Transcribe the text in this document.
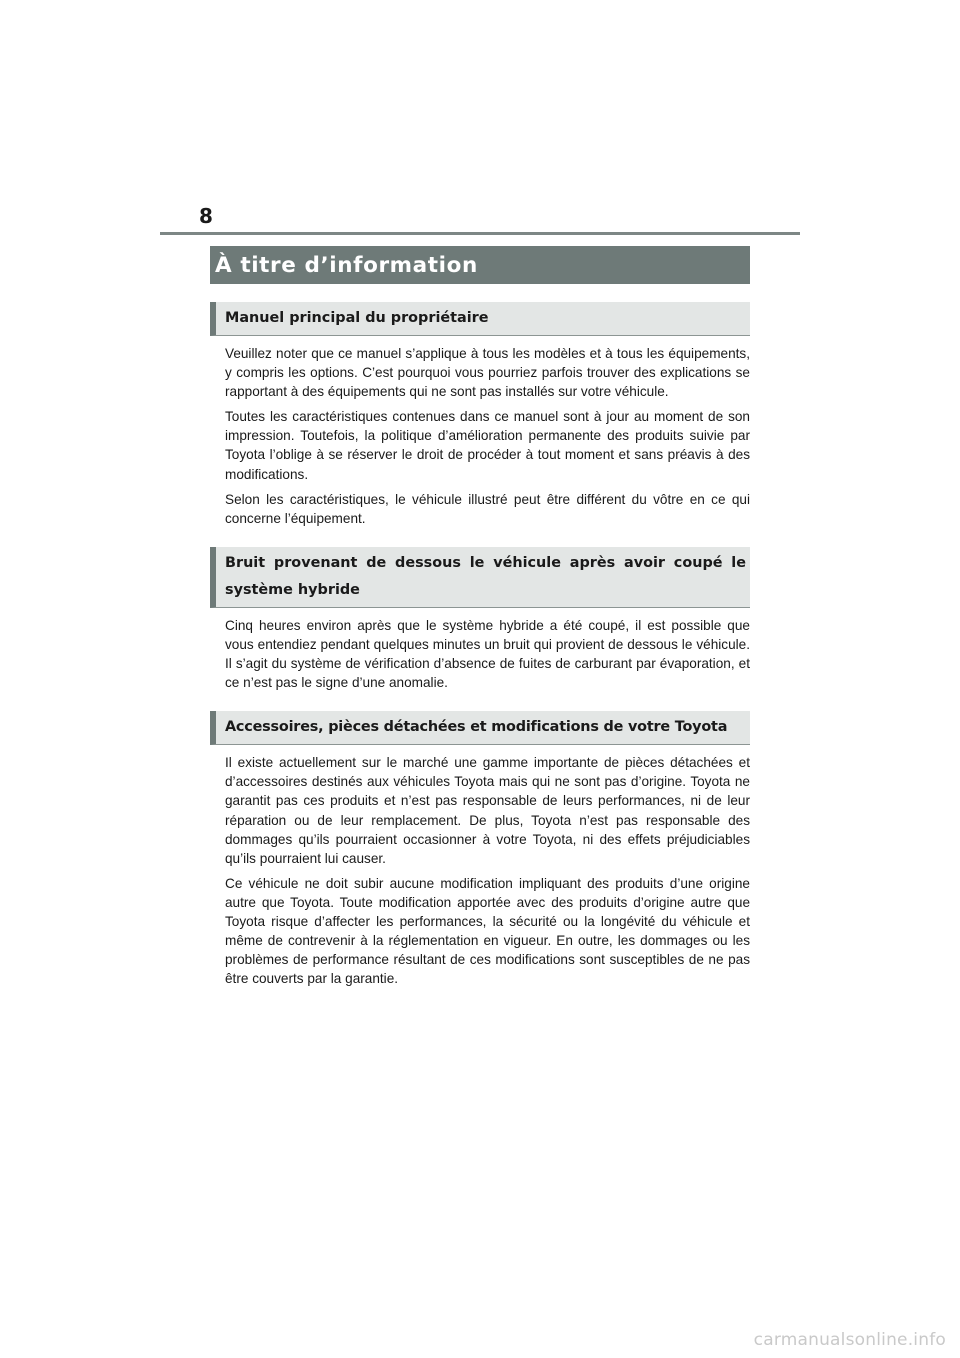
8
À titre d’information
Manuel principal du propriétaire

Veuillez noter que ce manuel s’applique à tous les modèles et à tous les équipements, y compris les options. C’est pourquoi vous pourriez parfois trouver des explications se rapportant à des équipements qui ne sont pas installés sur votre véhicule.

Toutes les caractéristiques contenues dans ce manuel sont à jour au moment de son impression. Toutefois, la politique d’amélioration permanente des produits suivie par Toyota l’oblige à se réserver le droit de procéder à tout moment et sans préavis à des modifications.

Selon les caractéristiques, le véhicule illustré peut être différent du vôtre en ce qui concerne l’équipement.

Bruit provenant de dessous le véhicule après avoir coupé le système hybride

Cinq heures environ après que le système hybride a été coupé, il est possible que vous entendiez pendant quelques minutes un bruit qui provient de dessous le véhicule. Il s’agit du système de vérification d’absence de fuites de carburant par évaporation, et ce n’est pas le signe d’une anomalie.

Accessoires, pièces détachées et modifications de votre Toyota

Il existe actuellement sur le marché une gamme importante de pièces détachées et d’accessoires destinés aux véhicules Toyota mais qui ne sont pas d’origine. Toyota ne garantit pas ces produits et n’est pas responsable de leurs performances, ni de leur réparation ou de leur remplacement. De plus, Toyota n’est pas responsable des dommages qu’ils pourraient occasionner à votre Toyota, ni des effets préjudiciables qu’ils pourraient lui causer.

Ce véhicule ne doit subir aucune modification impliquant des produits d’une origine autre que Toyota. Toute modification apportée avec des produits d’origine autre que Toyota risque d’affecter les performances, la sécurité ou la longévité du véhicule et même de contrevenir à la réglementation en vigueur. En outre, les dommages ou les problèmes de performance résultant de ces modifications sont susceptibles de ne pas être couverts par la garantie.

carmanualsonline.info
